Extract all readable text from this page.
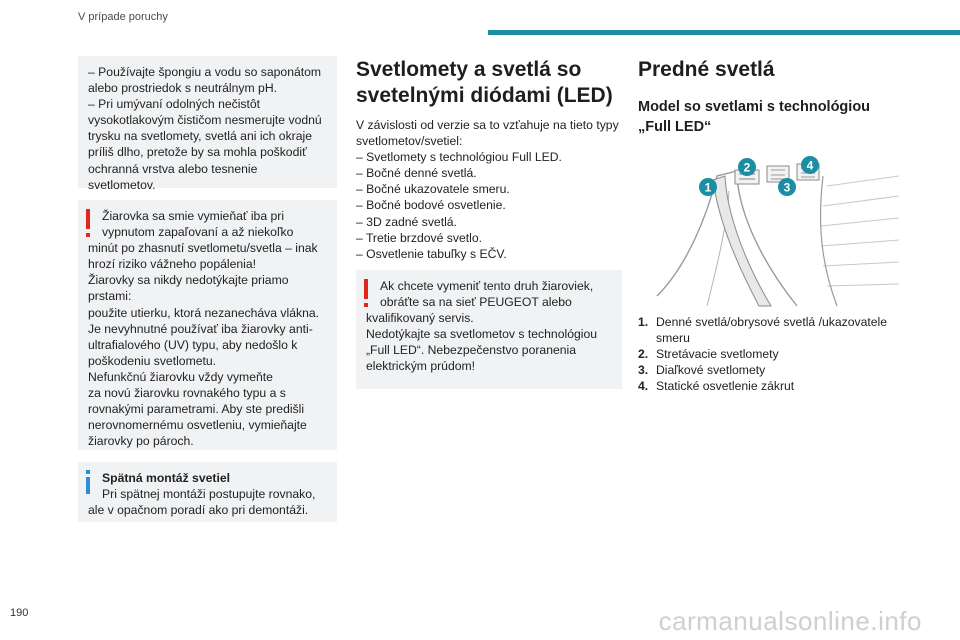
V prípade poruchy
– Používajte špongiu a vodu so saponátom
alebo prostriedok s neutrálnym pH.
– Pri umývaní odolných nečistôt
vysokotlakovým čističom nesmerujte vodnú
trysku na svetlomety, svetlá ani ich okraje
príliš dlho, pretože by sa mohla poškodiť
ochranná vrstva alebo tesnenie svetlometov.
Žiarovka sa smie vymieňať iba pri
vypnutom zapaľovaní a až niekoľko
minút po zhasnutí svetlometu/svetla – inak
hrozí riziko vážneho popálenia!
Žiarovky sa nikdy nedotýkajte priamo prstami:
použite utierku, ktorá nezanecháva vlákna.
Je nevyhnutné používať iba žiarovky anti-
ultrafialového (UV) typu, aby nedošlo k
poškodeniu svetlometu.
Nefunkčnú žiarovku vždy vymeňte
za novú žiarovku rovnakého typu a s
rovnakými parametrami. Aby ste predišli
nerovnomernému osvetleniu, vymieňajte
žiarovky po pároch.
Spätná montáž svetiel
Pri spätnej montáži postupujte rovnako,
ale v opačnom poradí ako pri demontáži.
Svetlomety a svetlá so
svetelnými diódami (LED)
V závislosti od verzie sa to vzťahuje na tieto typy
svetlometov/svetiel:
– Svetlomety s technológiou Full LED.
– Bočné denné svetlá.
– Bočné ukazovatele smeru.
– Bočné bodové osvetlenie.
– 3D zadné svetlá.
– Tretie brzdové svetlo.
– Osvetlenie tabuľky s EČV.
Ak chcete vymeniť tento druh žiaroviek,
obráťte sa na sieť PEUGEOT alebo
kvalifikovaný servis.
Nedotýkajte sa svetlometov s technológiou
„Full LED“. Nebezpečenstvo poranenia
elektrickým prúdom!
Predné svetlá
Model so svetlami s technológiou
„Full LED“
1
2
3
4
1. Denné svetlá/obrysové svetlá /ukazovatele
smeru
2. Stretávacie svetlomety
3. Diaľkové svetlomety
4. Statické osvetlenie zákrut
190	carmanualsonline.info
